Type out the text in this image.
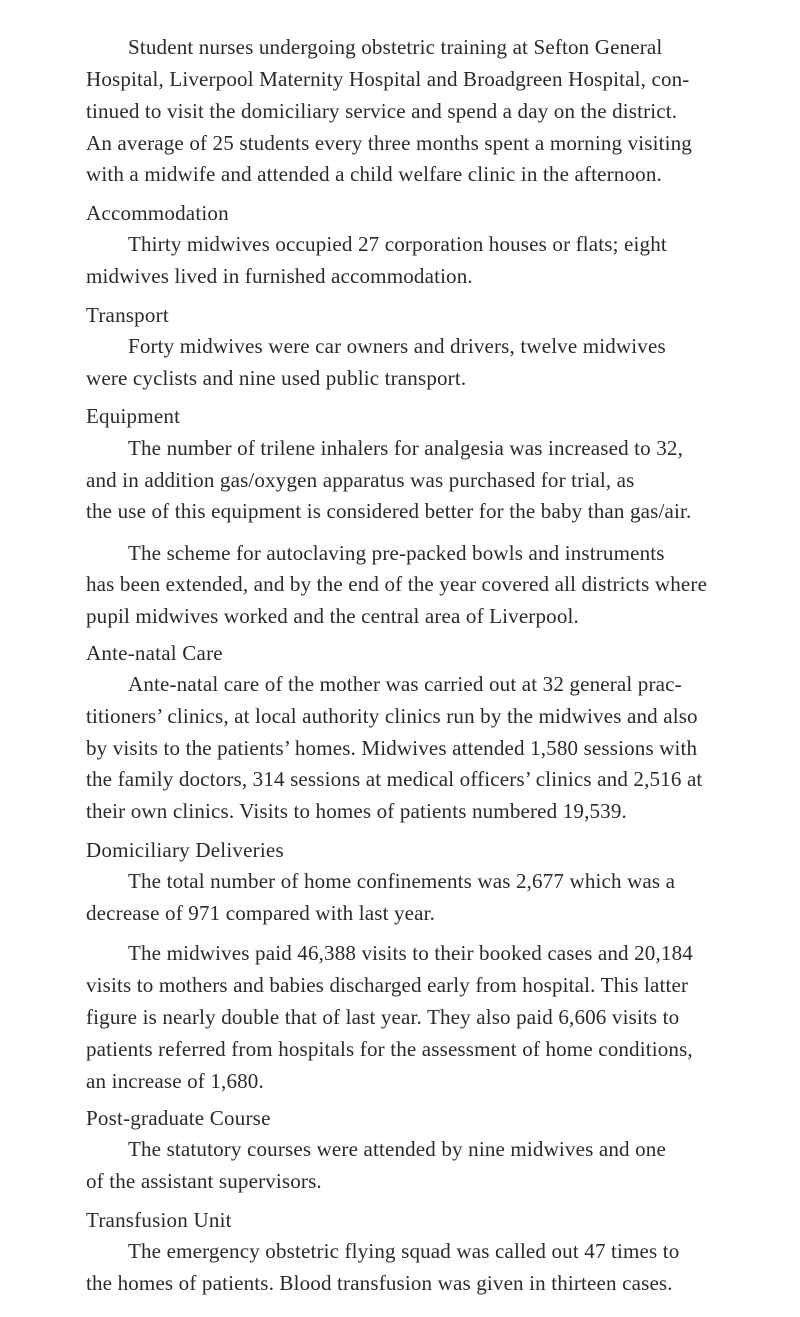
Student nurses undergoing obstetric training at Sefton General
Hospital, Liverpool Maternity Hospital and Broadgreen Hospital, con-
tinued to visit the domiciliary service and spend a day on the district.
An average of 25 students every three months spent a morning visiting
with a midwife and attended a child welfare clinic in the afternoon.

Accommodation

Thirty midwives occupied 27 corporation houses or flats; eight
midwives lived in furnished accommodation.

Transport

Forty midwives were car owners and drivers, twelve midwives
were cyclists and nine used public transport.

Equipment

The number of trilene inhalers for analgesia was increased to 32,
and in addition gas/oxygen apparatus was purchased for trial, as
the use of this equipment is considered better for the baby than gas/air.

The scheme for autoclaving pre-packed bowls and instruments
has been extended, and by the end of the year covered all districts where
pupil midwives worked and the central area of Liverpool.

Ante-natal Care

Ante-natal care of the mother was carried out at 32 general prac-
titioners’ clinics, at local authority clinics run by the midwives and also
by visits to the patients’ homes. Midwives attended 1,580 sessions with
the family doctors, 314 sessions at medical officers’ clinics and 2,516 at
their own clinics. Visits to homes of patients numbered 19,539.

Domiciliary Deliveries

The total number of home confinements was 2,677 which was a
decrease of 971 compared with last year.

The midwives paid 46,388 visits to their booked cases and 20,184
visits to mothers and babies discharged early from hospital. This latter
figure is nearly double that of last year. They also paid 6,606 visits to
patients referred from hospitals for the assessment of home conditions,
an increase of 1,680.

Post-graduate Course

The statutory courses were attended by nine midwives and one
of the assistant supervisors.

Transfusion Unit

The emergency obstetric flying squad was called out 47 times to
the homes of patients. Blood transfusion was given in thirteen cases.
